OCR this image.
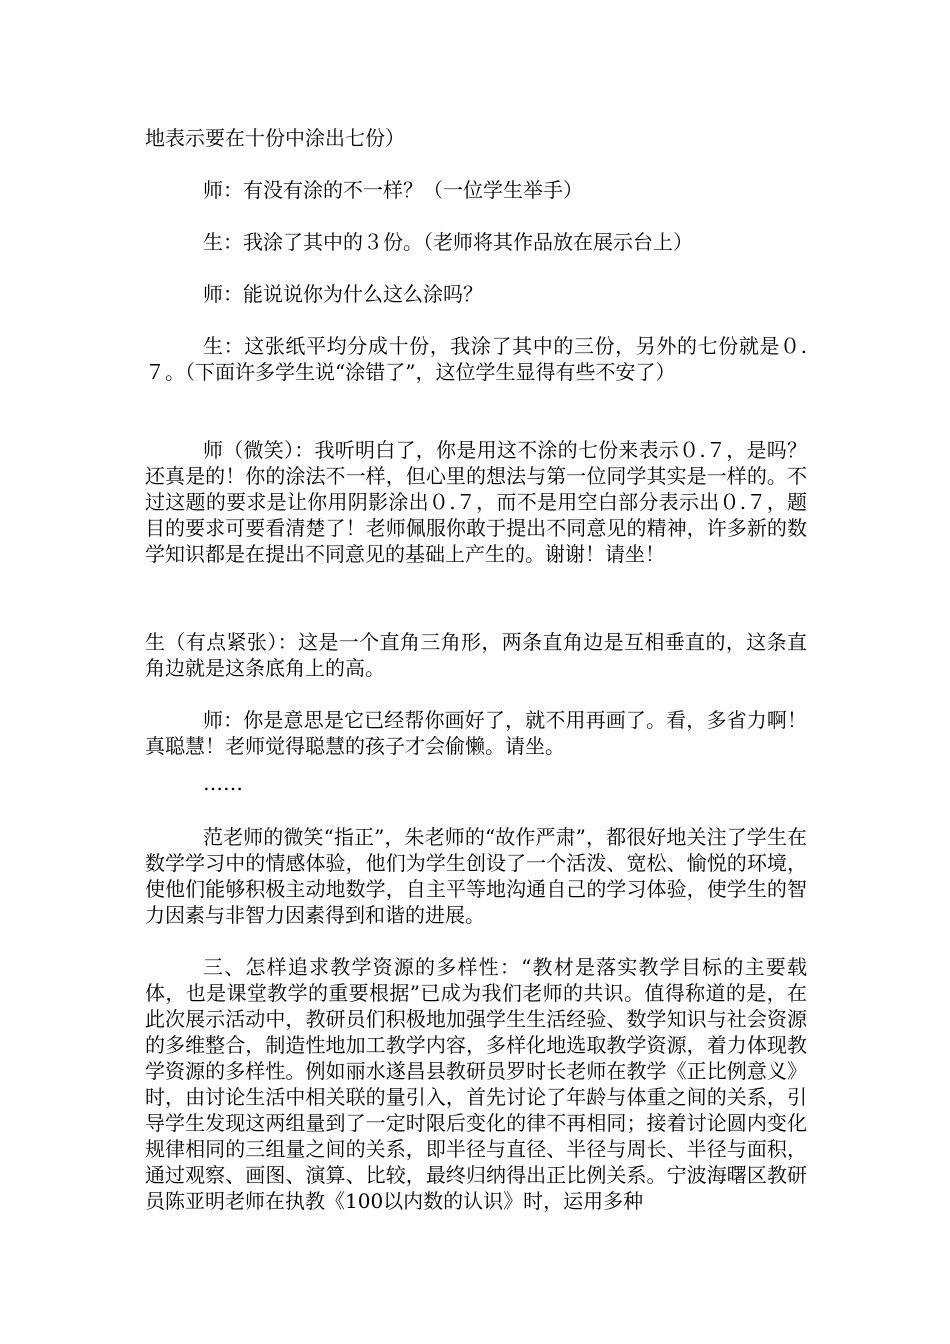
地表示要在十份中涂出七份）

师：有没有涂的不一样？（一位学生举手）

生：我涂了其中的３份。（老师将其作品放在展示台上）

师：能说说你为什么这么涂吗？

生：这张纸平均分成十份，我涂了其中的三份，另外的七份就是０.７。（下面许多学生说“涂错了”，这位学生显得有些不安了）

师（微笑）：我听明白了，你是用这不涂的七份来表示０.７，是吗？还真是的！你的涂法不一样，但心里的想法与第一位同学其实是一样的。不过这题的要求是让你用阴影涂出０.７，而不是用空白部分表示出０.７，题目的要求可要看清楚了！老师佩服你敢于提出不同意见的精神，许多新的数学知识都是在提出不同意见的基础上产生的。谢谢！请坐！

生（有点紧张）：这是一个直角三角形，两条直角边是互相垂直的，这条直角边就是这条底角上的高。

师：你是意思是它已经帮你画好了，就不用再画了。看，多省力啊！真聪慧！老师觉得聪慧的孩子才会偷懒。请坐。

……

范老师的微笑“指正”，朱老师的“故作严肃”，都很好地关注了学生在数学学习中的情感体验，他们为学生创设了一个活泼、宽松、愉悦的环境，使他们能够积极主动地数学，自主平等地沟通自己的学习体验，使学生的智力因素与非智力因素得到和谐的进展。

三、怎样追求教学资源的多样性：“教材是落实教学目标的主要载体，也是课堂教学的重要根据”已成为我们老师的共识。值得称道的是，在此次展示活动中，教研员们积极地加强学生生活经验、数学知识与社会资源的多维整合，制造性地加工教学内容，多样化地选取教学资源，着力体现教学资源的多样性。例如丽水遂昌县教研员罗时长老师在教学《正比例意义》时，由讨论生活中相关联的量引入，首先讨论了年龄与体重之间的关系，引导学生发现这两组量到了一定时限后变化的律不再相同；接着讨论圆内变化规律相同的三组量之间的关系，即半径与直径、半径与周长、半径与面积，通过观察、画图、演算、比较，最终归纳得出正比例关系。宁波海曙区教研员陈亚明老师在执教《100以内数的认识》时，运用多种
